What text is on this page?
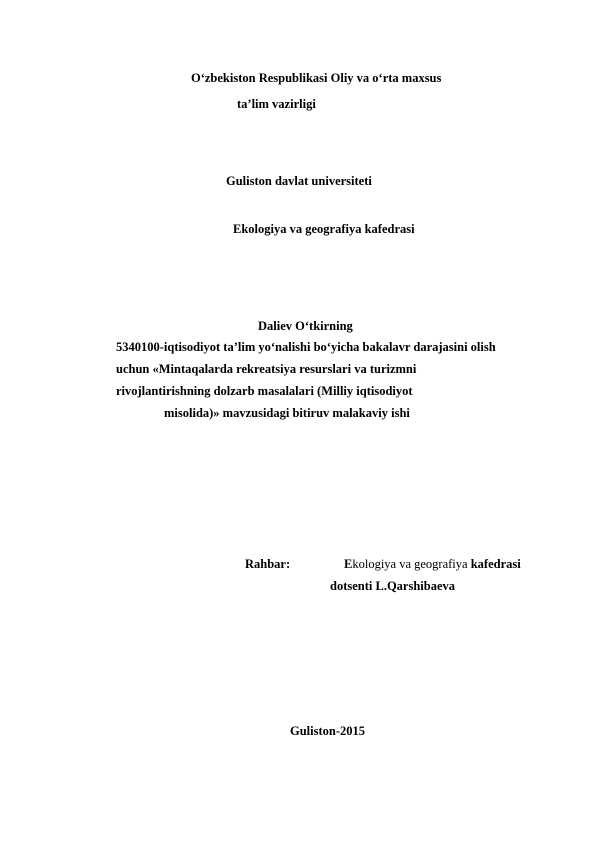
O‘zbekiston Respublikasi Oliy va o‘rta maxsus
ta’lim vazirligi
Guliston davlat universiteti
Ekologiya va geografiya kafedrasi
Daliev O‘tkirning
5340100-iqtisodiyot ta’lim yo‘nalishi bo‘yicha bakalavr darajasini olish
uchun «Mintaqalarda rekreatsiya resurslari va turizmni
rivojlantirishning dolzarb masalalari (Milliy iqtisodiyot
misolida)» mavzusidagi bitiruv malakaviy ishi
Rahbar:	Ekologiya va geografiya kafedrasi
dotsenti L.Qarshibaeva
Guliston-2015
